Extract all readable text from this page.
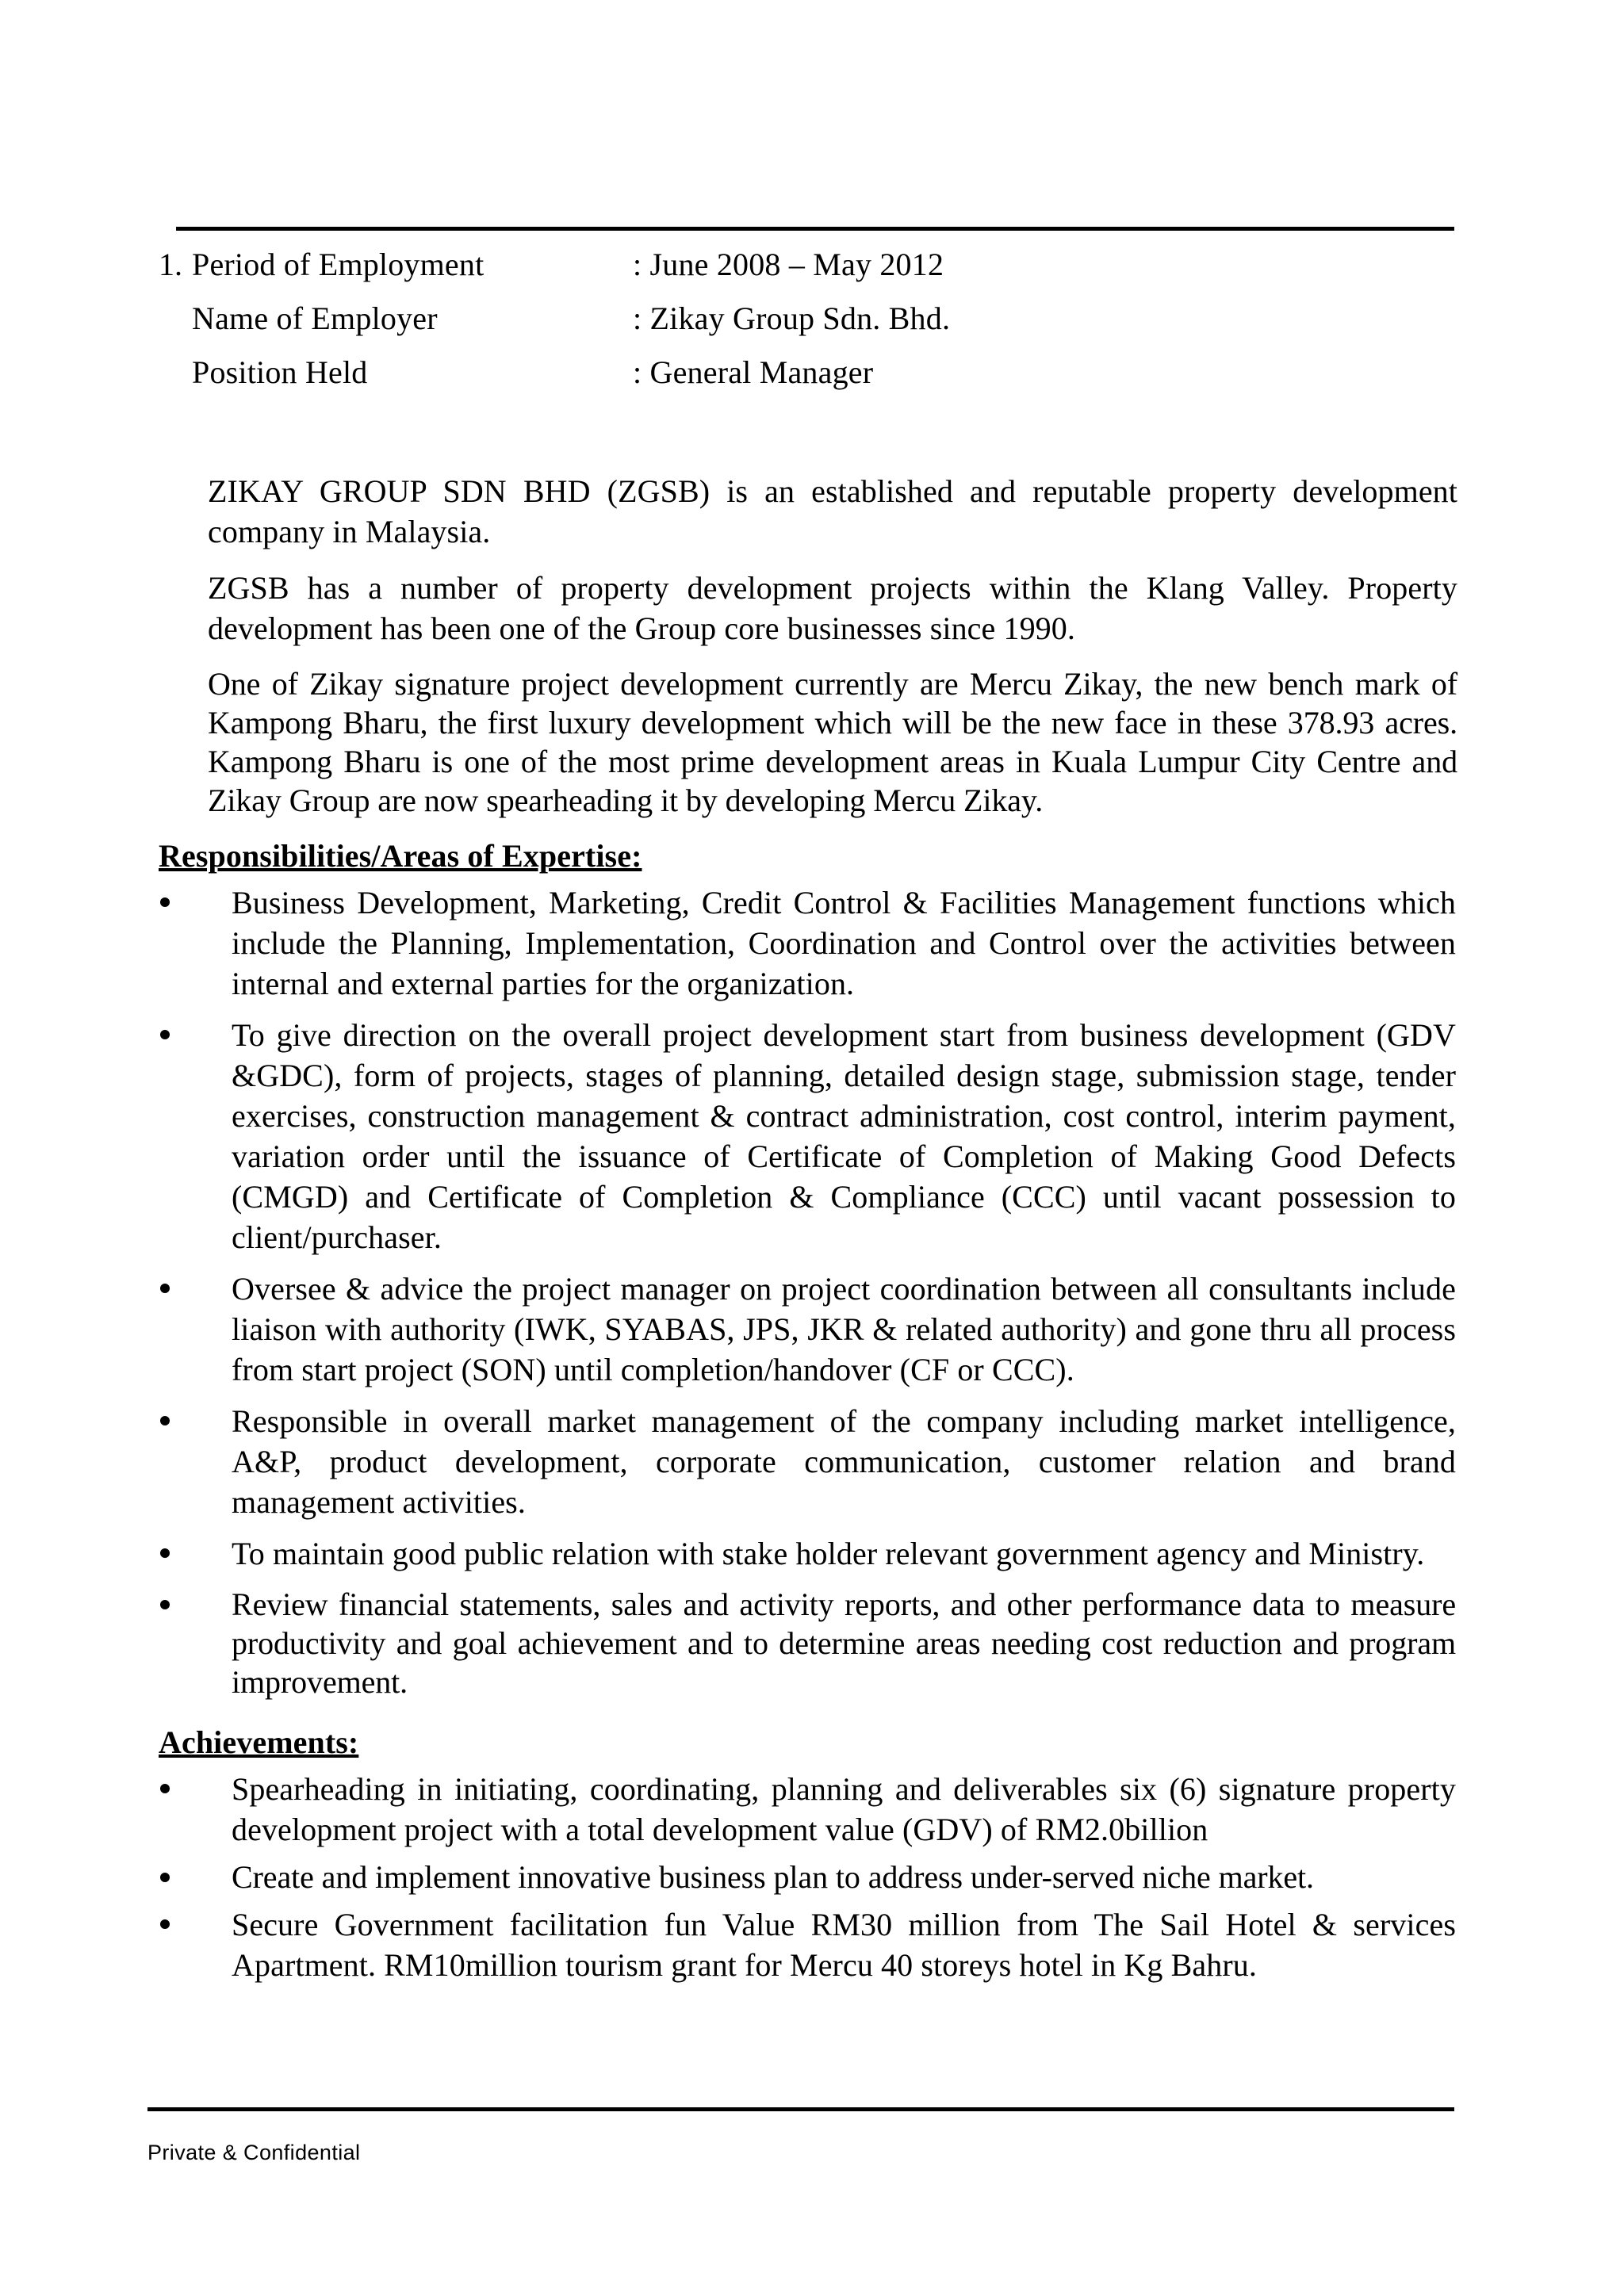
1. Period of Employment	: June 2008 – May 2012
Name of Employer	: Zikay Group Sdn. Bhd.
Position Held	: General Manager

ZIKAY GROUP SDN BHD (ZGSB) is an established and reputable property development company in Malaysia.

ZGSB has a number of property development projects within the Klang Valley. Property development has been one of the Group core businesses since 1990.

One of Zikay signature project development currently are Mercu Zikay, the new bench mark of Kampong Bharu, the first luxury development which will be the new face in these 378.93 acres. Kampong Bharu is one of the most prime development areas in Kuala Lumpur City Centre and Zikay Group are now spearheading it by developing Mercu Zikay.

Responsibilities/Areas of Expertise:
Business Development, Marketing, Credit Control & Facilities Management functions which include the Planning, Implementation, Coordination and Control over the activities between internal and external parties for the organization.
To give direction on the overall project development start from business development (GDV &GDC), form of projects, stages of planning, detailed design stage, submission stage, tender exercises, construction management & contract administration, cost control, interim payment, variation order until the issuance of Certificate of Completion of Making Good Defects (CMGD) and Certificate of Completion & Compliance (CCC) until vacant possession to client/purchaser.
Oversee & advice the project manager on project coordination between all consultants include liaison with authority (IWK, SYABAS, JPS, JKR & related authority) and gone thru all process from start project (SON) until completion/handover (CF or CCC).
Responsible in overall market management of the company including market intelligence, A&P, product development, corporate communication, customer relation and brand management activities.
To maintain good public relation with stake holder relevant government agency and Ministry.
Review financial statements, sales and activity reports, and other performance data to measure productivity and goal achievement and to determine areas needing cost reduction and program improvement.
Achievements:
Spearheading in initiating, coordinating, planning and deliverables six (6) signature property development project with a total development value (GDV) of RM2.0billion
Create and implement innovative business plan to address under-served niche market.
Secure Government facilitation fun Value RM30 million from The Sail Hotel & services Apartment. RM10million tourism grant for Mercu 40 storeys hotel in Kg Bahru.
Private & Confidential
